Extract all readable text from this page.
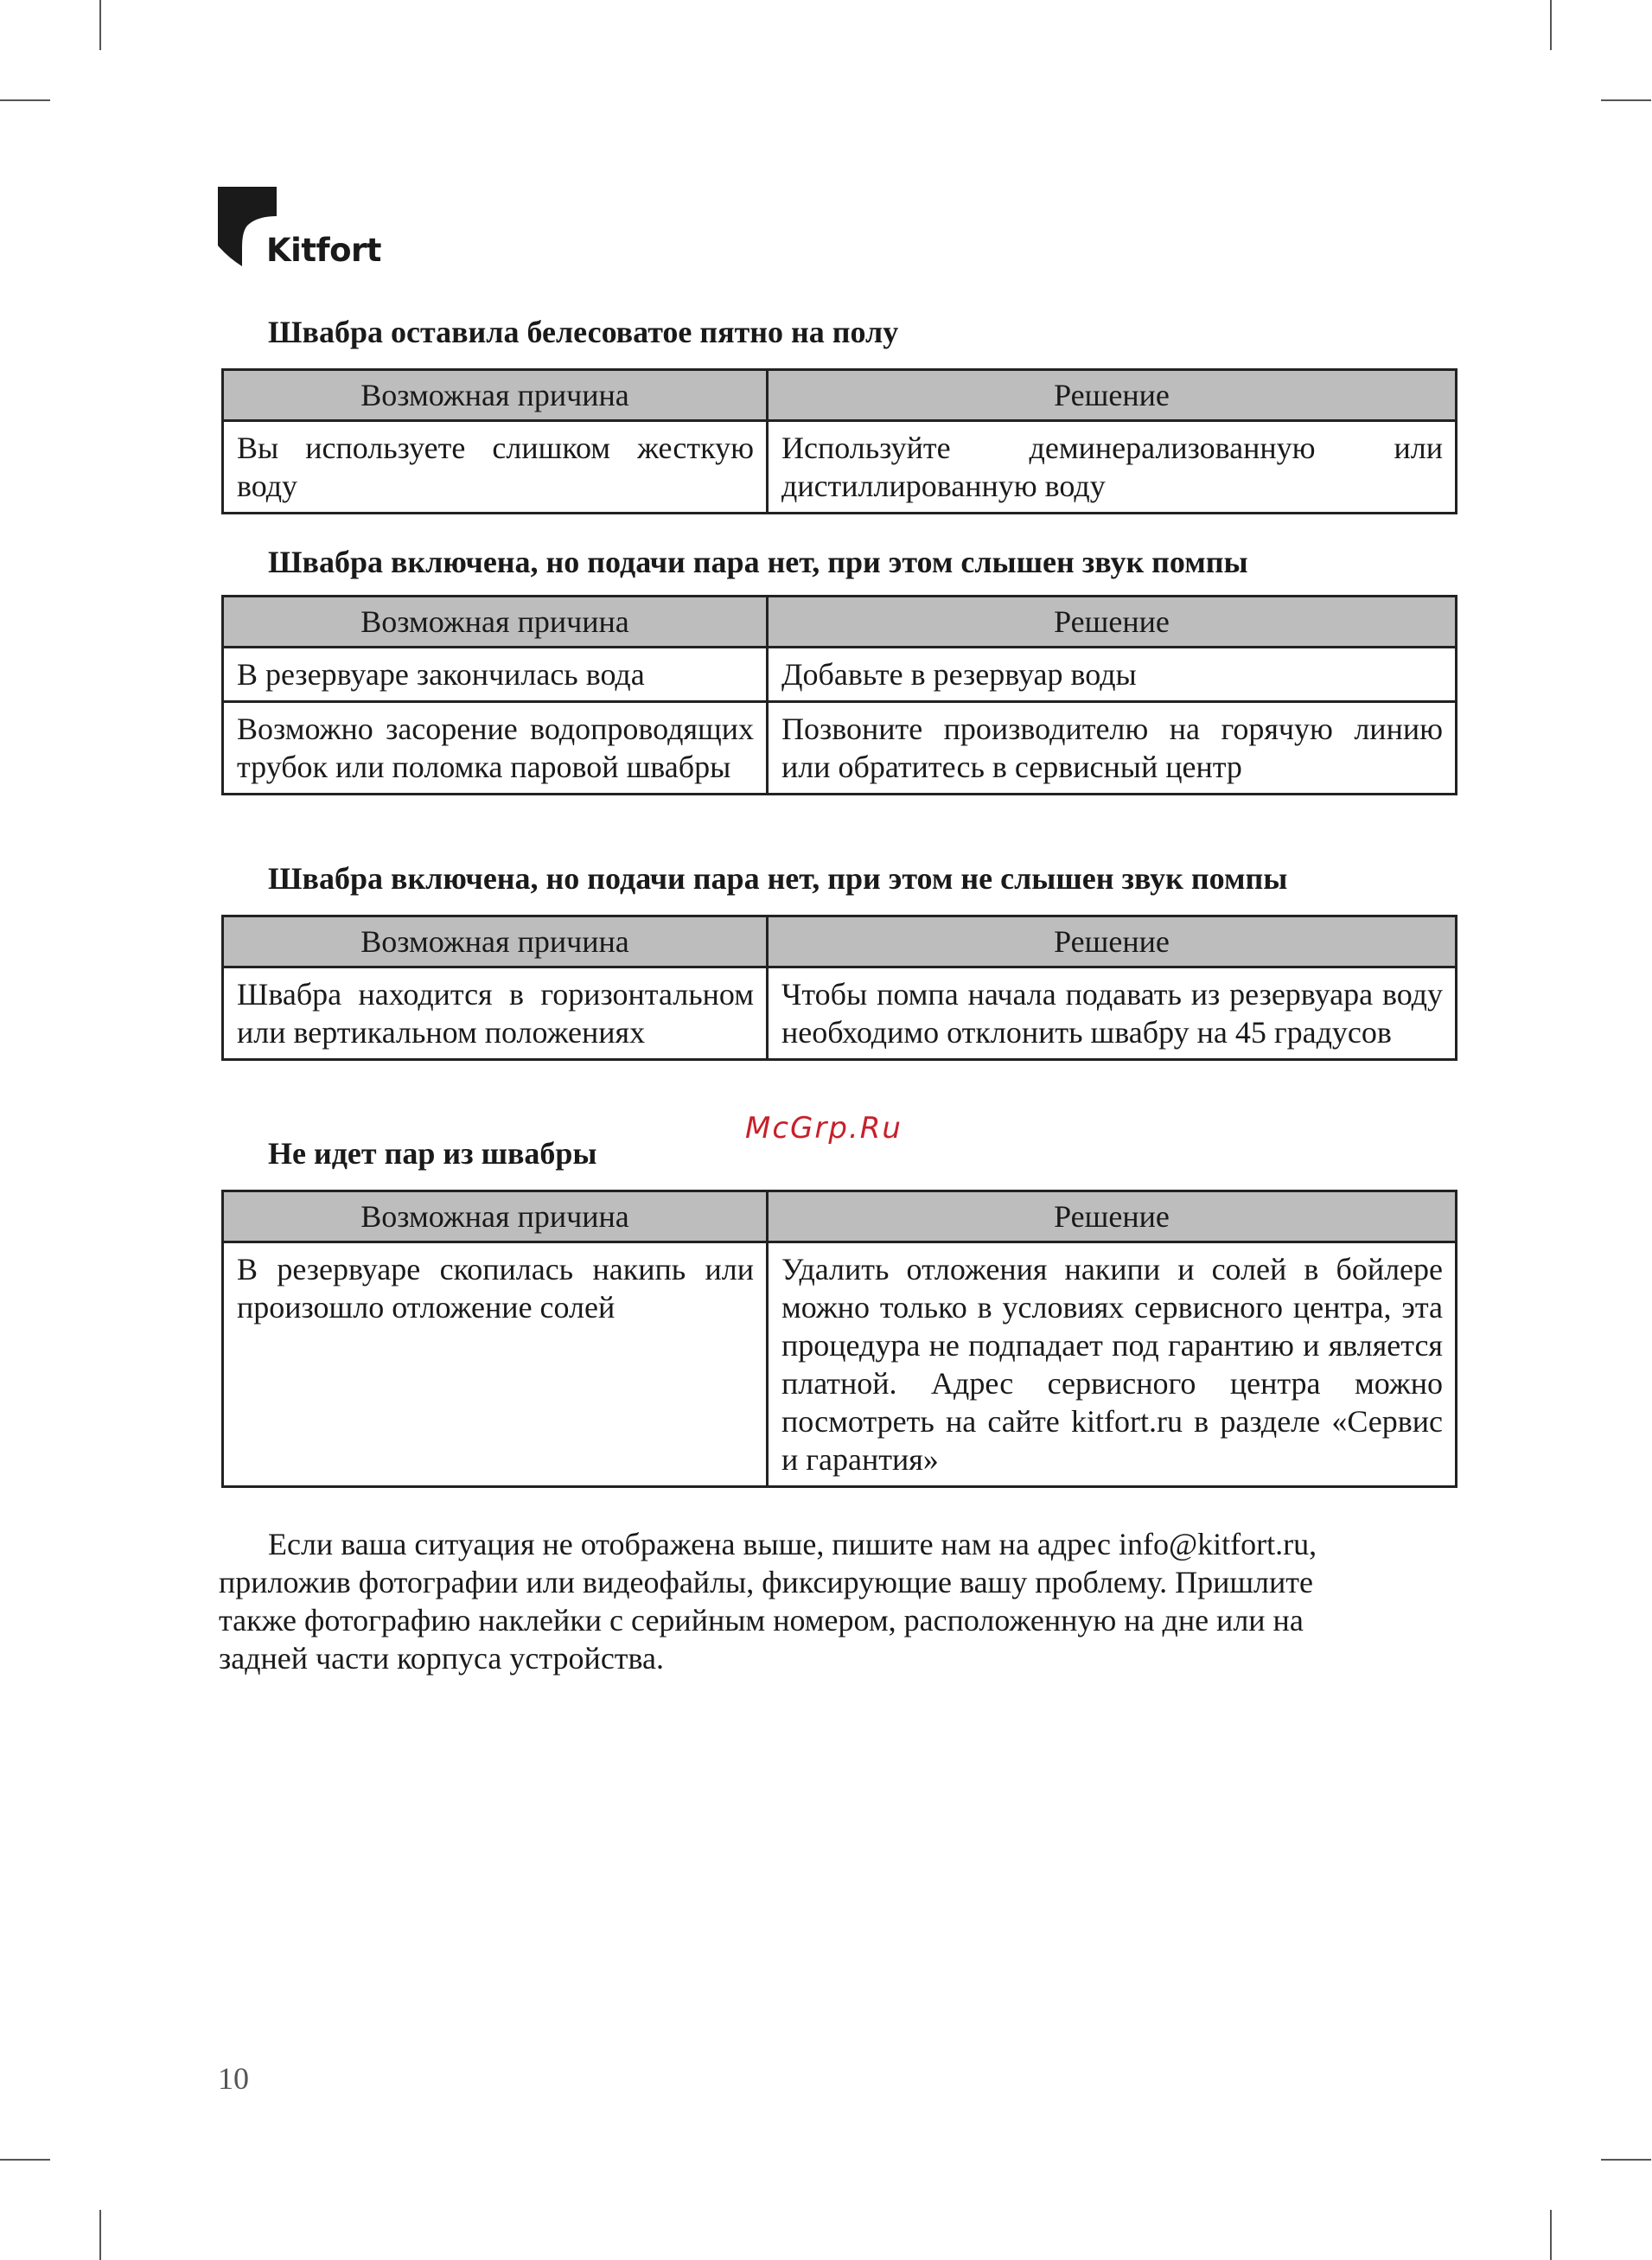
Kitfort
Швабра оставила белесоватое пятно на полу
Возможная причина	Решение
Вы используете слишком жесткую воду	Используйте деминерализованную или дистиллированную воду
Швабра включена, но подачи пара нет, при этом слышен звук помпы
Возможная причина	Решение
В резервуаре закончилась вода	Добавьте в резервуар воды
Возможно засорение водопроводящих трубок или поломка паровой швабры	Позвоните производителю на горячую линию или обратитесь в сервисный центр
Швабра включена, но подачи пара нет, при этом не слышен звук помпы
Возможная причина	Решение
Швабра находится в горизонтальном или вертикальном положениях	Чтобы помпа начала подавать из резервуара воду необходимо отклонить швабру на 45 градусов
McGrp.Ru
Не идет пар из швабры
Возможная причина	Решение
В резервуаре скопилась накипь или произошло отложение солей	Удалить отложения накипи и солей в бойлере можно только в условиях сервисного центра, эта процедура не подпадает под гарантию и является платной. Адрес сервисного центра можно посмотреть на сайте kitfort.ru в разделе «Сервис и гарантия»

Если ваша ситуация не отображена выше, пишите нам на адрес info@kitfort.ru,
приложив фотографии или видеофайлы, фиксирующие вашу проблему. Пришлите
также фотографию наклейки с серийным номером, расположенную на дне или на
задней части корпуса устройства.

10
